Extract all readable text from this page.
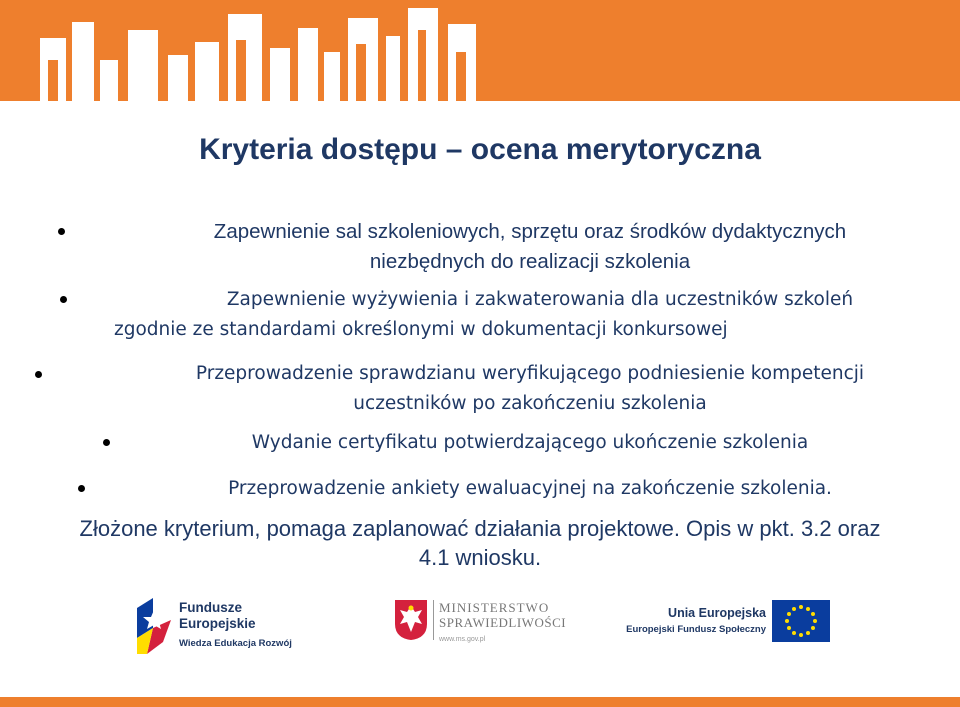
Kryteria dostępu – ocena merytoryczna
Zapewnienie sal szkoleniowych, sprzętu oraz środków dydaktycznych
niezbędnych do realizacji szkolenia
Zapewnienie wyżywienia i zakwaterowania dla uczestników szkoleń
zgodnie ze standardami określonymi w dokumentacji konkursowej
Przeprowadzenie sprawdzianu weryfikującego podniesienie kompetencji
uczestników po zakończeniu szkolenia
Wydanie certyfikatu potwierdzającego ukończenie szkolenia
Przeprowadzenie ankiety ewaluacyjnej na zakończenie szkolenia.
Złożone kryterium, pomaga zaplanować działania projektowe. Opis w pkt. 3.2 oraz
4.1 wniosku.
Fundusze
Europejskie
Wiedza Edukacja Rozwój
MINISTERSTWO
SPRAWIEDLIWOŚCI
www.ms.gov.pl
Unia Europejska
Europejski Fundusz Społeczny
